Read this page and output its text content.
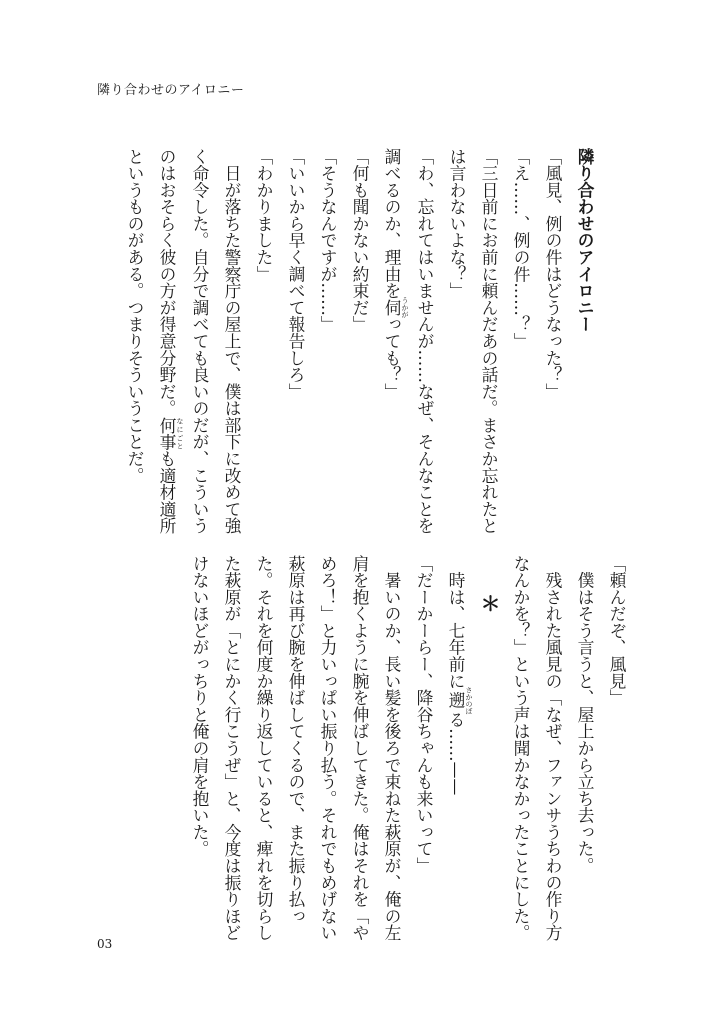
隣り合わせのアイロニー
隣り合わせのアイロニー
「風見、例の件はどうなった？」
「え……、例の件……？」
「三日前にお前に頼んだあの話だ。まさか忘れたと
は言わないよな？」
「わ、忘れてはいませんが……なぜ、そんなことを
調べるのか、理由を伺 うかがっても？」
「何も聞かない約束だ」
「そうなんですが……」
「いいから早く調べて報告しろ」
「わかりました」
　日が落ちた警察庁の屋上で、僕は部下に改めて強
く命令した。自分で調べても良いのだが、こういう
のはおそらく彼の方が得意分野だ。何事 なにごとも適材適所
というものがある。つまりそういうことだ。
「頼んだぞ、風見」
　僕はそう言うと、屋上から立ち去った。
　残された風見の「なぜ、ファンサうちわの作り方
なんかを？」という声は聞かなかったことにした。
＊
　時は、七年前に遡 さかのぼる……——
「だーかーらー、降谷ちゃんも来いって」
　暑いのか、長い髪を後ろで束ねた萩原が、俺の左
肩を抱くように腕を伸ばしてきた。俺はそれを「や
めろ！」と力いっぱい振り払う。それでもめげない
萩原は再び腕を伸ばしてくるので、また振り払っ
た。それを何度か繰り返していると、痺れを切らし
た萩原が「とにかく行こうぜ」と、今度は振りほど
けないほどがっちりと俺の肩を抱いた。
03
